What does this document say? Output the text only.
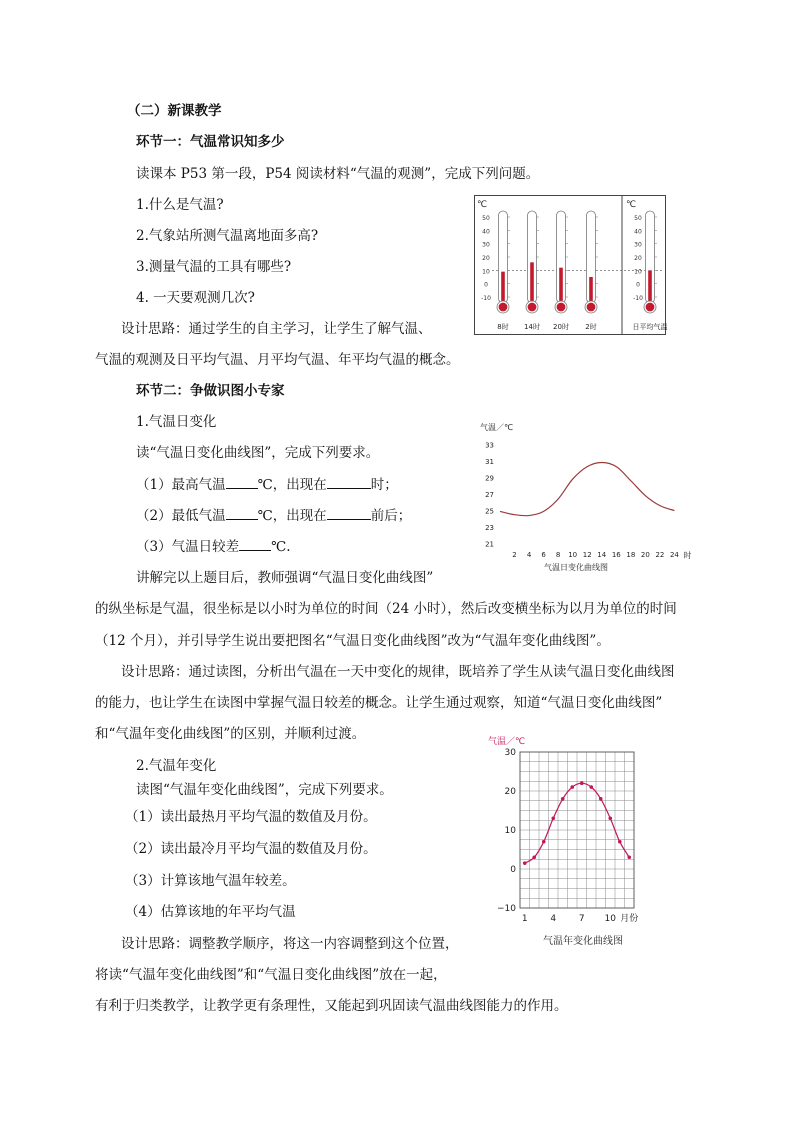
（二）新课教学
环节一：气温常识知多少
读课本 P53 第一段，P54 阅读材料“气温的观测”，完成下列问题。
1.什么是气温?
2.气象站所测气温离地面多高?
3.测量气温的工具有哪些?
4. 一天要观测几次?
设计思路：通过学生的自主学习，让学生了解气温、
气温的观测及日平均气温、月平均气温、年平均气温的概念。
℃	℃
50
40
30
20
10
0
-10
50
40
30
20
10
0
-10
8时 14时 20时 2时	日平均气温
环节二：争做识图小专家
1.气温日变化
读“气温日变化曲线图”，完成下列要求。
（1）最高气温 ℃，出现在	时；
（2）最低气温 ℃，出现在	前后；
（3）气温日较差 ℃.
气温／℃
气温日变化曲线图
时
21
23
25
27
29
31
33
2 4 6 8 10 12 14 16 18 20 22 24
讲解完以上题目后，教师强调“气温日变化曲线图”
的纵坐标是气温，很坐标是以小时为单位的时间（24 小时），然后改变横坐标为以月为单位的时间
（12 个月），并引导学生说出要把图名“气温日变化曲线图”改为“气温年变化曲线图”。
设计思路：通过读图，分析出气温在一天中变化的规律，既培养了学生从读气温日变化曲线图
的能力，也让学生在读图中掌握气温日较差的概念。让学生通过观察，知道“气温日变化曲线图”
和“气温年变化曲线图”的区别，并顺利过渡。
2.气温年变化
读图“气温年变化曲线图”，完成下列要求。
（1）读出最热月平均气温的数值及月份。
（2）读出最冷月平均气温的数值及月份。
（3）计算该地气温年较差。
（4）估算该地的年平均气温
设计思路：调整教学顺序，将这一内容调整到这个位置，
将读“气温年变化曲线图”和“气温日变化曲线图”放在一起，
有利于归类教学，让教学更有条理性，又能起到巩固读气温曲线图能力的作用。
气温／℃
30
20
10
0
−10
1	4	7 10 月份
气温年变化曲线图
